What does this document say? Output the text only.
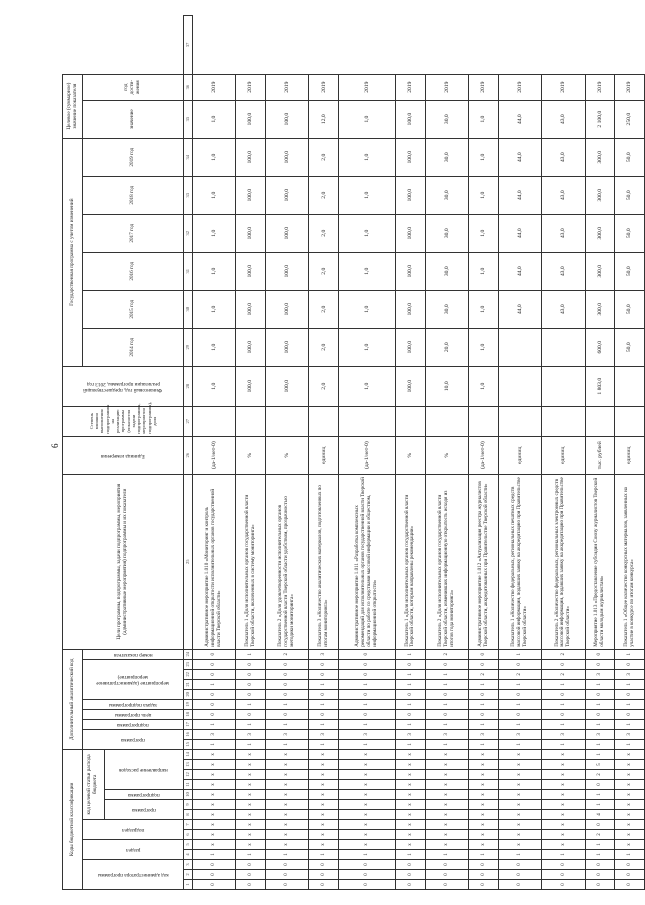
6
Коды бюджетной классификации														Дополнительный аналитический код										Цели программы, подпрограммы, задачи подпрограммы, мероприятия (административные мероприятия) подпрограммы и их показатели	Единица измерения	Степень влияния выполнения подпрограммы на реализацию программы (показателя задачи подпрограммы, мероприятия подпрограммы), доля	Финансовый год, предшествующий реализации программы, 2013 год	Государственная программа с учетом изменений						Целевое (суммарное) значение показателя		

код администратора программы			раздел		подраздел		код целевой статьи расхода бюджета							программа		подпрограмма	цель программы	задача подпрограммы	мероприятие (административное мероприятие)				номер показателя					2014 год	2015 год	2016 год	2017 год	2018 год	2019 год	значение	год дости-жения	

							программа		подпрограмма	направление расходов																										

1	2	3	4	5	6	7	8	9	10	11	12	13	14	15	16	17	18	19	20	21	22	23	24	25	26	27	28	29	30	31	32	33	34	35	36	37
0	0	0	1	х	х	х	х	х	х	х	х	х	х	1	3	1	0	0	0	1	0	0	0	Административное мероприятие 1.010 «Мониторинг и контроль информационной открытости исполнительных органов государственной власти Тверской области»	(да-1/нет-0)		1,0	1,0	1,0	1,0	1,0	1,0	1,0	1,0	2019	
0	0	0	1	х	х	х	х	х	х	х	х	х	х	1	3	1	0	1	0	0	0	0	1	Показатель 1 «Доля исполнительных органов государственной власти Тверской области, включенных в систему мониторинга»	%		100,0	100,0	100,0	100,0	100,0	100,0	100,0	100,0	2019	
0	0	0	1	х	х	х	х	х	х	х	х	х	х	1	3	1	0	1	0	0	0	0	2	Показатель 2 «Доля удовлетворенности исполнительных органов государственной власти Тверской области удобством, прозрачностью методики мониторинга»	%		100,0	100,0	100,0	100,0	100,0	100,0	100,0	100,0	2019	
0	0	0	1	х	х	х	х	х	х	х	х	х	х	1	3	1	0	1	0	1	0	0	3	Показатель 3 «Количество аналитических материалов, подготовленных по итогам мониторинга»	единиц		2,0	2,0	2,0	2,0	2,0	2,0	2,0	12,0	2019	
0	0	0	1	х	х	х	х	х	х	х	х	х	х	1	3	1	0	1	0	1	0	0	0	Административное мероприятие 1.011 «Разработка комплексных рекомендаций для исполнительных органов государственной власти Тверской области по работе со средствами массовой информации и обществом, информационной открытости»	(да-1/нет-0)		1,0	1,0	1,0	1,0	1,0	1,0	1,0	1,0	2019	
0	0	0	1	х	х	х	х	х	х	х	х	х	х	1	3	1	0	1	0	1	1	0	1	Показатель 1 «Доля исполнительных органов государственной власти Тверской области, которым направлены рекомендации»	%		100,0	100,0	100,0	100,0	100,0	100,0	100,0	100,0	2019	
0	0	0	1	х	х	х	х	х	х	х	х	х	х	1	3	1	0	1	0	1	1	0	2	Показатель 2 «Доля исполнительных органов государственной власти Тверской области, изменивших информационную открытость исходя из итогов года мониторинга»	%		10,0	20,0	30,0	30,0	30,0	30,0	30,0	30,0	2019	
0	0	0	1	х	х	х	х	х	х	х	х	х	х	1	3	1	0	1	0	1	2	0	0	Административное мероприятие 1.012 «Актуализация реестра журналистов Тверской области, аккредитованных при Правительстве Тверской области»	(да-1/нет-0)		1,0	1,0	1,0	1,0	1,0	1,0	1,0	1,0	2019	
0	0	0	1	х	х	х	х	х	х	х	х	х	х	1	3	1	0	1	0	1	2	0	1	Показатель 1 «Количество федеральных, региональных печатных средств массовой информации, подавших заявку на аккредитацию при Правительстве Тверской области»	единиц				44,0	44,0	44,0	44,0	44,0	44,0	2019	
0	0	0	1	х	х	х	х	х	х	х	х	х	х	1	3	1	0	1	0	1	2	0	2	Показатель 2 «Количество федеральных, региональных электронных средств массовой информации, подавших заявку на аккредитацию при Правительстве Тверской области»	единиц				43,0	43,0	43,0	43,0	43,0	43,0	2019	
0	0	0	1	1	2	0	4	1	1	0	2	5	1	1	3	1	0	1	0	1	3	0	0	Мероприятие 1.013 «Предоставление субсидии Союзу журналистов Тверской области молодым журналистам»	тыс. рублей		1 803,0	600,0	300,0	300,0	300,0	300,0	300,0	2 100,0	2019	
0	0	0	1	х	х	х	х	х	х	х	х	х	х	1	3	1	0	1	0	1	3	0	1	Показатель 1 «Общее количество конкурсных материалов, заявленных на участие в конкурсе по итогам конкурса»	единиц			50,0	50,0	50,0	50,0	50,0	50,0	250,0	2019	
